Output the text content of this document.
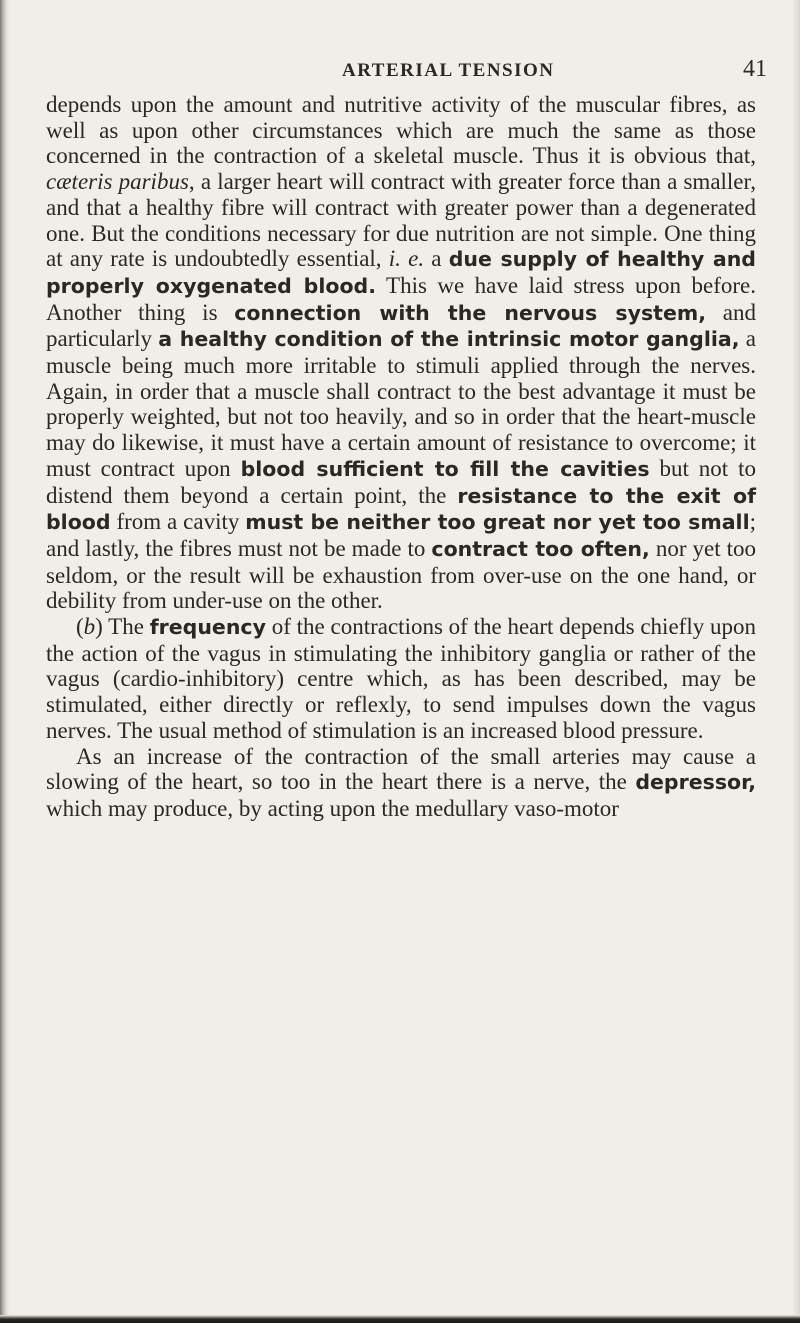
ARTERIAL TENSION	41

depends upon the amount and nutritive activity of the muscular fibres, as well as upon other circumstances which are much the same as those concerned in the contraction of a skeletal muscle. Thus it is obvious that, cæteris paribus, a larger heart will contract with greater force than a smaller, and that a healthy fibre will contract with greater power than a degenerated one. But the conditions necessary for due nutrition are not simple. One thing at any rate is undoubtedly essential, i. e. a due supply of healthy and properly oxygenated blood. This we have laid stress upon before. Another thing is connection with the nervous system, and particularly a healthy condition of the intrinsic motor ganglia, a muscle being much more irritable to stimuli applied through the nerves. Again, in order that a muscle shall contract to the best advantage it must be properly weighted, but not too heavily, and so in order that the heart-muscle may do likewise, it must have a certain amount of resistance to overcome; it must contract upon blood sufficient to fill the cavities but not to distend them beyond a certain point, the resistance to the exit of blood from a cavity must be neither too great nor yet too small; and lastly, the fibres must not be made to contract too often, nor yet too seldom, or the result will be exhaustion from over-use on the one hand, or debility from under-use on the other.

(b) The frequency of the contractions of the heart depends chiefly upon the action of the vagus in stimulating the inhibitory ganglia or rather of the vagus (cardio-inhibitory) centre which, as has been described, may be stimulated, either directly or reflexly, to send impulses down the vagus nerves. The usual method of stimulation is an increased blood pressure.

As an increase of the contraction of the small arteries may cause a slowing of the heart, so too in the heart there is a nerve, the depressor, which may produce, by acting upon the medullary vaso-motor
